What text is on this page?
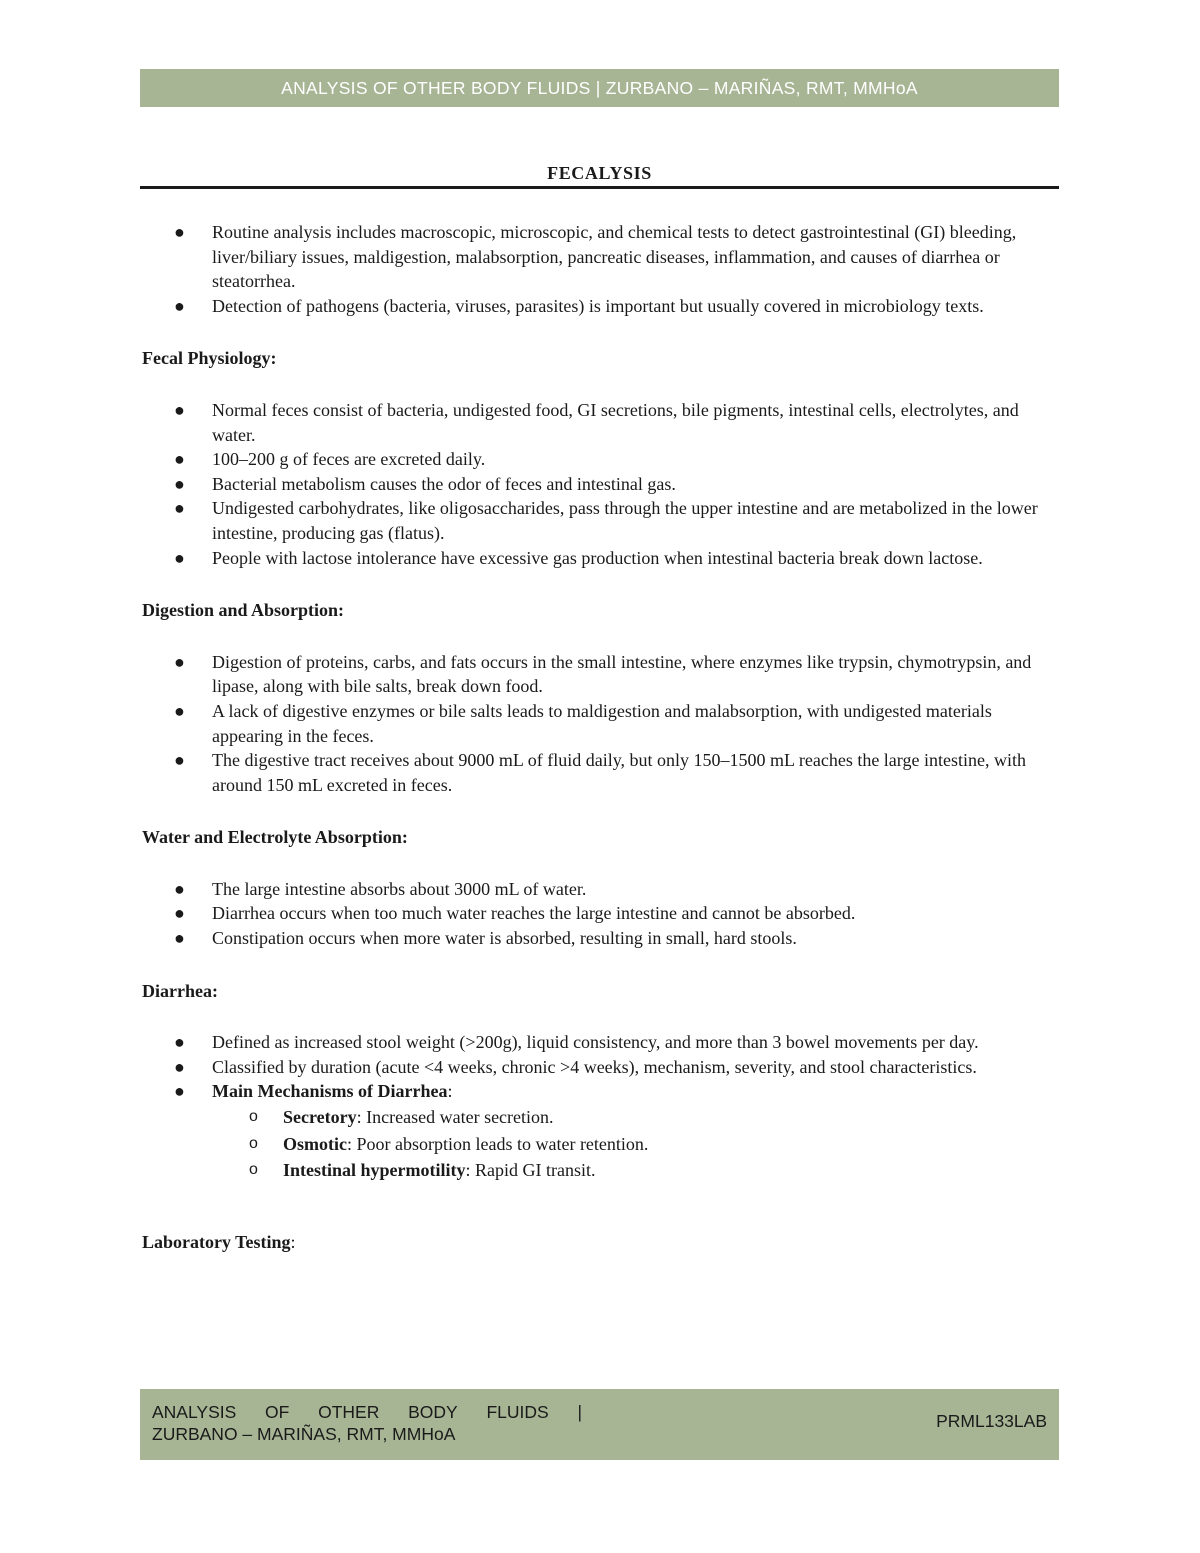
ANALYSIS OF OTHER BODY FLUIDS | ZURBANO – MARIÑAS, RMT, MMHoA
FECALYSIS
● Routine analysis includes macroscopic, microscopic, and chemical tests to detect gastrointestinal (GI) bleeding, liver/biliary issues, maldigestion, malabsorption, pancreatic diseases, inflammation, and causes of diarrhea or steatorrhea.
● Detection of pathogens (bacteria, viruses, parasites) is important but usually covered in microbiology texts.

Fecal Physiology:

● Normal feces consist of bacteria, undigested food, GI secretions, bile pigments, intestinal cells, electrolytes, and water.
● 100–200 g of feces are excreted daily.
● Bacterial metabolism causes the odor of feces and intestinal gas.
● Undigested carbohydrates, like oligosaccharides, pass through the upper intestine and are metabolized in the lower intestine, producing gas (flatus).
● People with lactose intolerance have excessive gas production when intestinal bacteria break down lactose.

Digestion and Absorption:

● Digestion of proteins, carbs, and fats occurs in the small intestine, where enzymes like trypsin, chymotrypsin, and lipase, along with bile salts, break down food.
● A lack of digestive enzymes or bile salts leads to maldigestion and malabsorption, with undigested materials appearing in the feces.
● The digestive tract receives about 9000 mL of fluid daily, but only 150–1500 mL reaches the large intestine, with around 150 mL excreted in feces.

Water and Electrolyte Absorption:

● The large intestine absorbs about 3000 mL of water.
● Diarrhea occurs when too much water reaches the large intestine and cannot be absorbed.
● Constipation occurs when more water is absorbed, resulting in small, hard stools.

Diarrhea:

● Defined as increased stool weight (>200g), liquid consistency, and more than 3 bowel movements per day.
● Classified by duration (acute <4 weeks, chronic >4 weeks), mechanism, severity, and stool characteristics.
● Main Mechanisms of Diarrhea:
o Secretory: Increased water secretion.
o Osmotic: Poor absorption leads to water retention.
o Intestinal hypermotility: Rapid GI transit.

Laboratory Testing:

ANALYSIS OF OTHER BODY FLUIDS |
ZURBANO – MARIÑAS, RMT, MMHoA
PRML133LAB
